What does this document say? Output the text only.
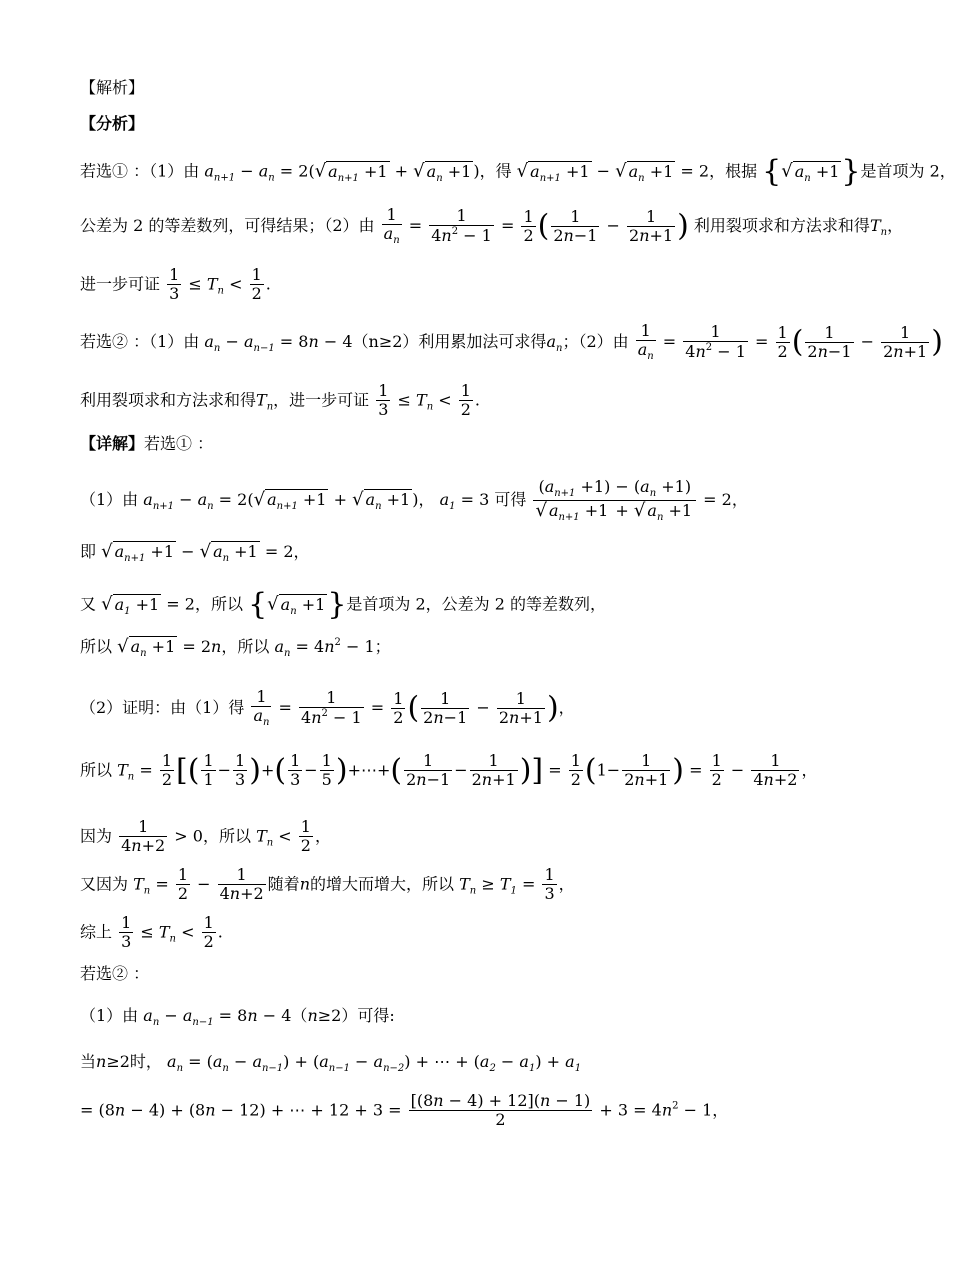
【解析】
【分析】
若选① ：（1）由 $a_{n+1} - a_n = 2(√$ $a_{n+1} +1$ + √ $a_n +1$ )，得 √ $a_{n+1} +1$ − √ $a_n +1 = 2$，根据 {√ $a_n +1$}是首项为 2，
公差为 2 的等差数列，可得结果；（2）由 $\frac{1}{a_n} = \frac{1}{4n^2 - 1} = \frac{1}{2}$ ( $\frac{1}{2n-1} - \frac{1}{2n+1}$ ) 利用裂项求和方法求和得$T_n$，
进一步可证 $\frac{1}{3} \le T_n < \frac{1}{2}$ .
若选② ：（1）由 $a_n - a_{n-1} = 8n - 4(n\ge 2)$利用累加法可求得$a_n$；（2）由 $\frac{1}{a_n} = \frac{1}{4n^2 - 1} = \frac{1}{2}$ ( $\frac{1}{2n-1} - \frac{1}{2n+1}$ )
利用裂项求和方法求和得$T_n$，进一步可证 $\frac{1}{3} \le T_n < \frac{1}{2}$ .
【详解】若选① ：
（1）由 $a_{n+1} - a_n = 2(√$ $a_{n+1} +1$ + √ $a_n +1$ )， $a_1 = 3$ 可得 $\frac{(a_{n+1} +1) - (a_n +1)}{√ a_{n+1} +1 + √ a_n +1} = 2$，
即 √ $a_{n+1} +1$ − √ $a_n +1 = 2$，
又 √ $a_1 +1 = 2$，所以 {√ $a_n +1$}是首项为 2，公差为 2 的等差数列，
所以 √ $a_n +1 = 2n$，所以 $a_n = 4n^2 - 1$；
（2）证明：由（1）得 $\frac{1}{a_n} = \frac{1}{4n^2 - 1} = \frac{1}{2}$ ( $\frac{1}{2n-1} - \frac{1}{2n+1}$ )，
所以 $T_n = \frac{1}{2}$ [( $\frac{1}{1} - \frac{1}{3}$ )+( $\frac{1}{3} - \frac{1}{5}$ )+⋯+( $\frac{1}{2n-1} - \frac{1}{2n+1}$ )] = $\frac{1}{2} (1- \frac{1}{2n+1}$ ) = $\frac{1}{2} - \frac{1}{4n+2}$ ，
因为 $\frac{1}{4n+2} > 0$，所以 $T_n < \frac{1}{2}$ ，
又因为 $T_n = \frac{1}{2} - \frac{1}{4n+2}$ 随着n的增大而增大，所以 $T_n \ge T_1 = \frac{1}{3}$ ，
综上 $\frac{1}{3} \le T_n < \frac{1}{2}$ .
若选② ：
（1）由 $a_n - a_{n-1} = 8n - 4(n\ge 2)$可得:
当n≥2时， $a_n = (a_n - a_{n-1}) + (a_{n-1} - a_{n-2})$ + ⋯ + $(a_2 - a_1) + a_1$
= (8n − 4) + (8n − 12) + ⋯ + $12 + 3 = \frac{[(8n - 4) + 12](n - 1)}{2} + 3 = 4n^2 - 1$，
